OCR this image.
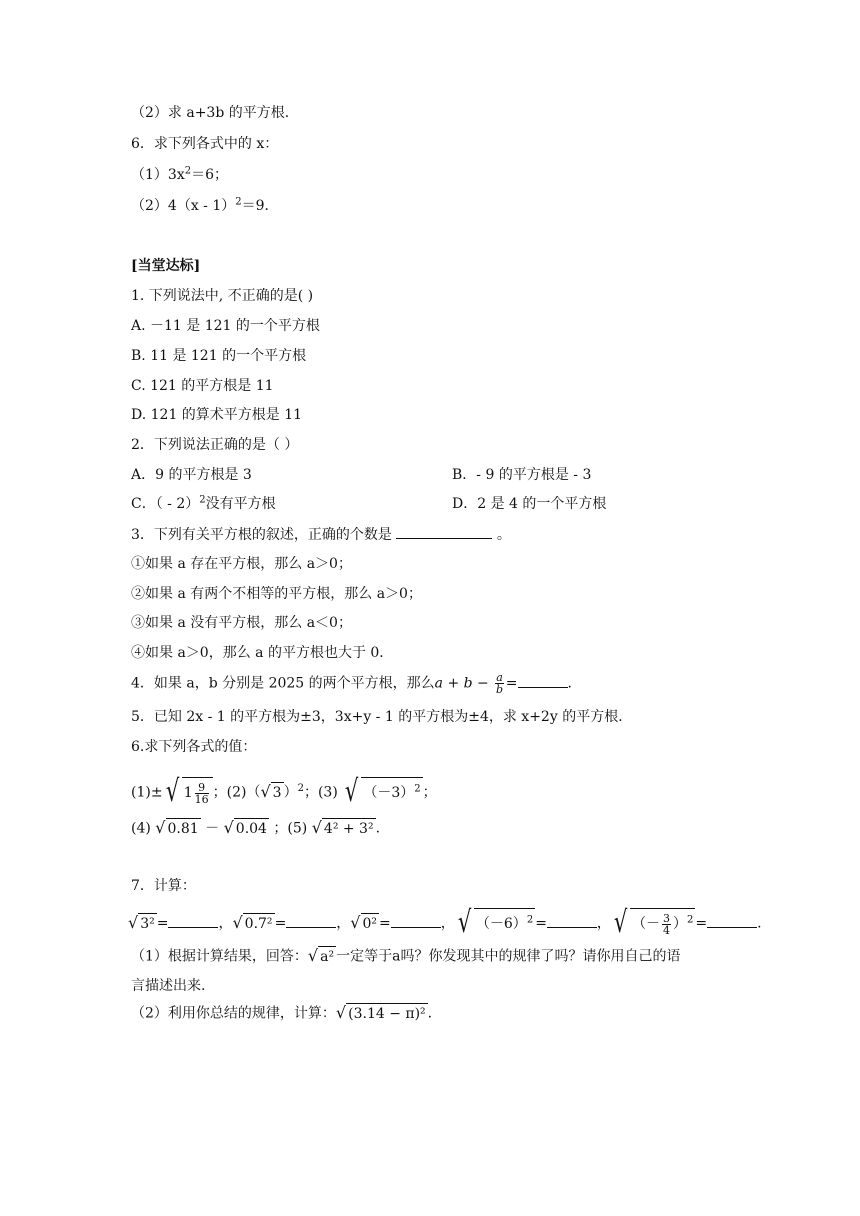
（2）求 a+3b 的平方根．
6．求下列各式中的 x：
$(1)3x^2=6$；
（2）4（x - 1）$^2$＝9．
[当堂达标]
1. 下列说法中, 不正确的是( )
A. －11 是 121 的一个平方根
B. 11 是 121 的一个平方根
C. 121 的平方根是 11
D. 121 的算术平方根是 11
2．下列说法正确的是（ ）
A．9 的平方根是 3	B．- 9 的平方根是 - 3
C．（ - 2）$^2$没有平方根	D．2 是 4 的一个平方根
3．下列有关平方根的叙述，正确的个数是	。
①如果 a 存在平方根，那么 a＞0；
②如果 a 有两个不相等的平方根，那么 a＞0；
③如果 a 没有平方根，那么 a＜0；
④如果 a＞0，那么 a 的平方根也大于 0．
4．如果 a，b 分别是 2025 的两个平方根，那么$a + b - \frac{a}{b}$ =	.
5．已知 2x - 1 的平方根为±3，3x+y - 1 的平方根为±4，求 x+2y 的平方根．
6.求下列各式的值：
(1)± √ $1 \frac{9}{16}$ ；(2)（ √ 3 ）$^2$；(3) √ $(-3)^2$ ；
(4) √ 0.81 － √ 0.04 ；(5) √ 4² + 3² .
7．计算：
√ 3² =	， √ 0.7² =	， √ 0² =	， √ $(-6)^2$ =	， √ （－ $\frac{3}{4} )^2$ =	.
（1）根据计算结果，回答： √ a² 一定等于a吗？你发现其中的规律了吗？请你用自己的语
言描述出来.
（2）利用你总结的规律，计算： √ (3.14 − π)² .
